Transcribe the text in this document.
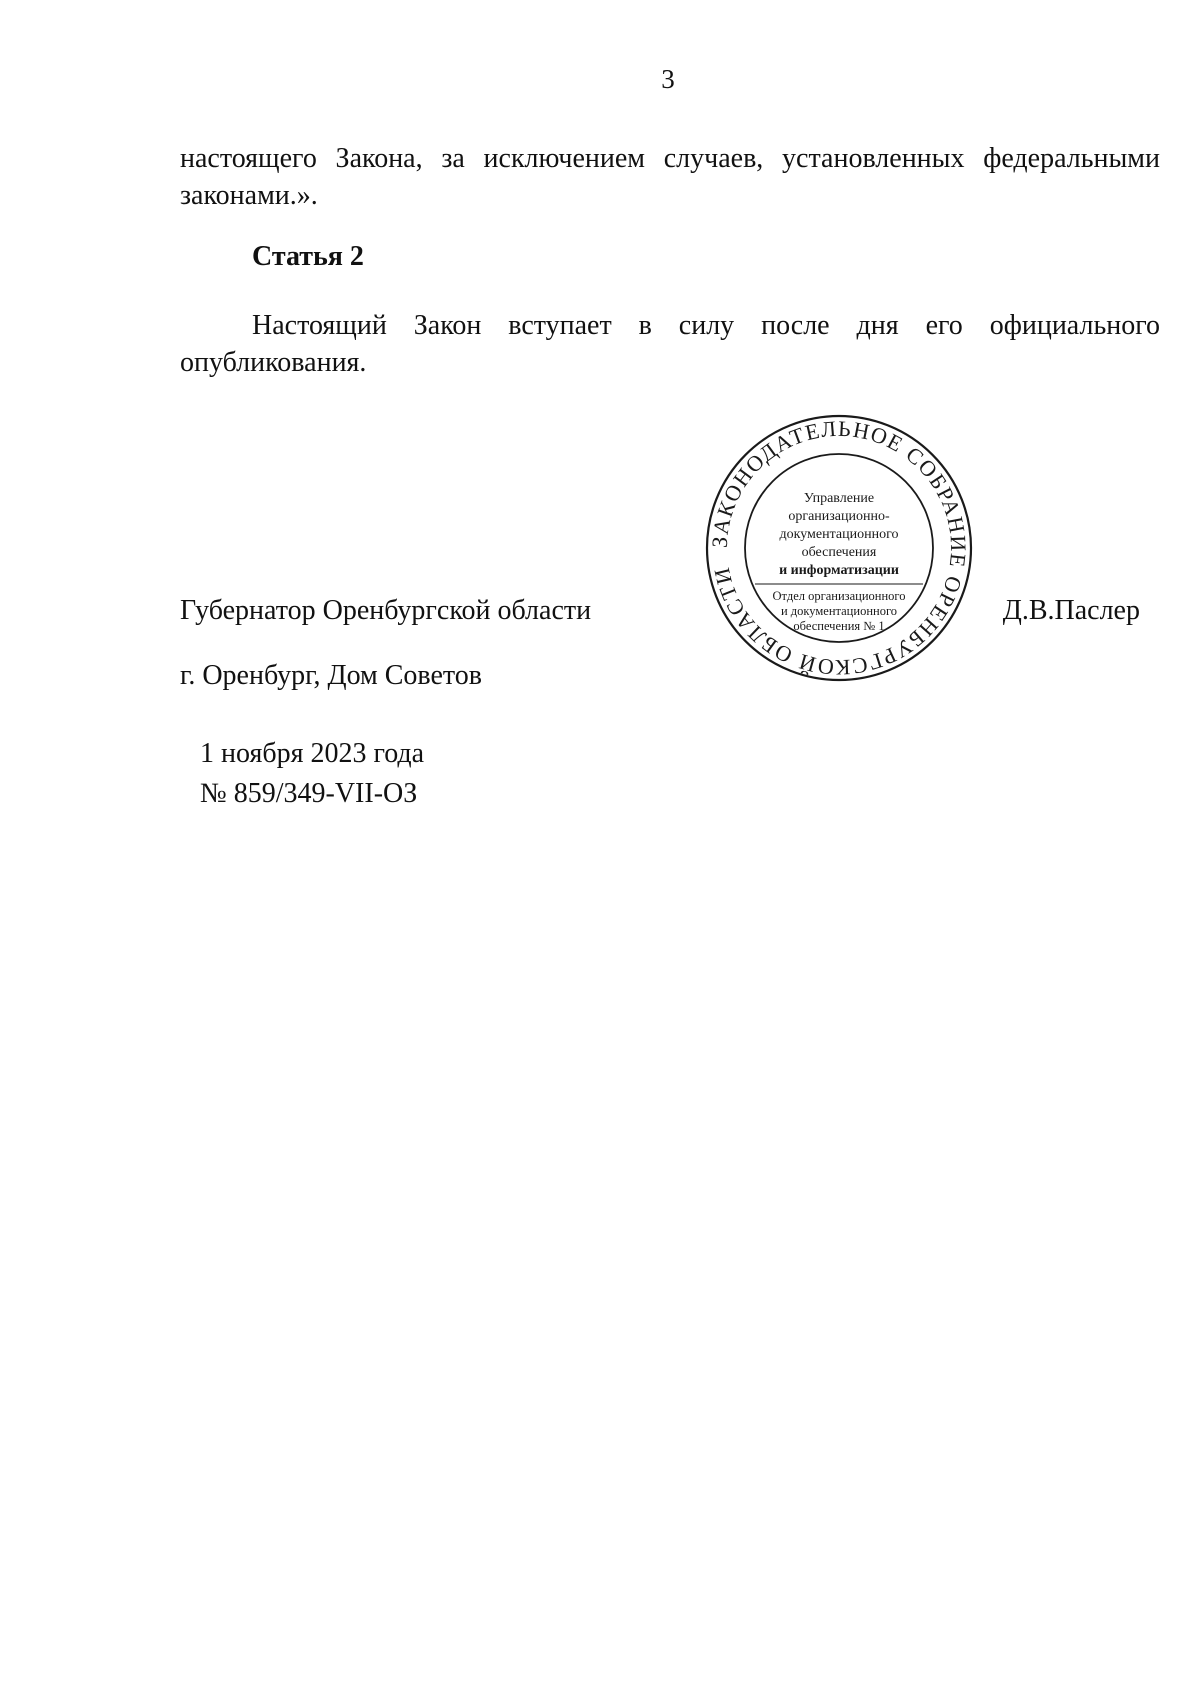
3
настоящего Закона, за исключением случаев, установленных федеральными
законами.».
Статья 2
Настоящий Закон вступает в силу после дня его официального
опубликования.
Губернатор Оренбургской области	Д.В.Паслер
г. Оренбург, Дом Советов
1 ноября 2023 года
№ 859/349-VII-ОЗ
ЗАКОНОДАТЕЛЬНОЕ СОБРАНИЕ ОРЕНБУРГСКОЙ ОБЛАСТИ
Управление
организационно-
документационного
обеспечения
и информатизации
Отдел организационного
и документационного
обеспечения № 1
